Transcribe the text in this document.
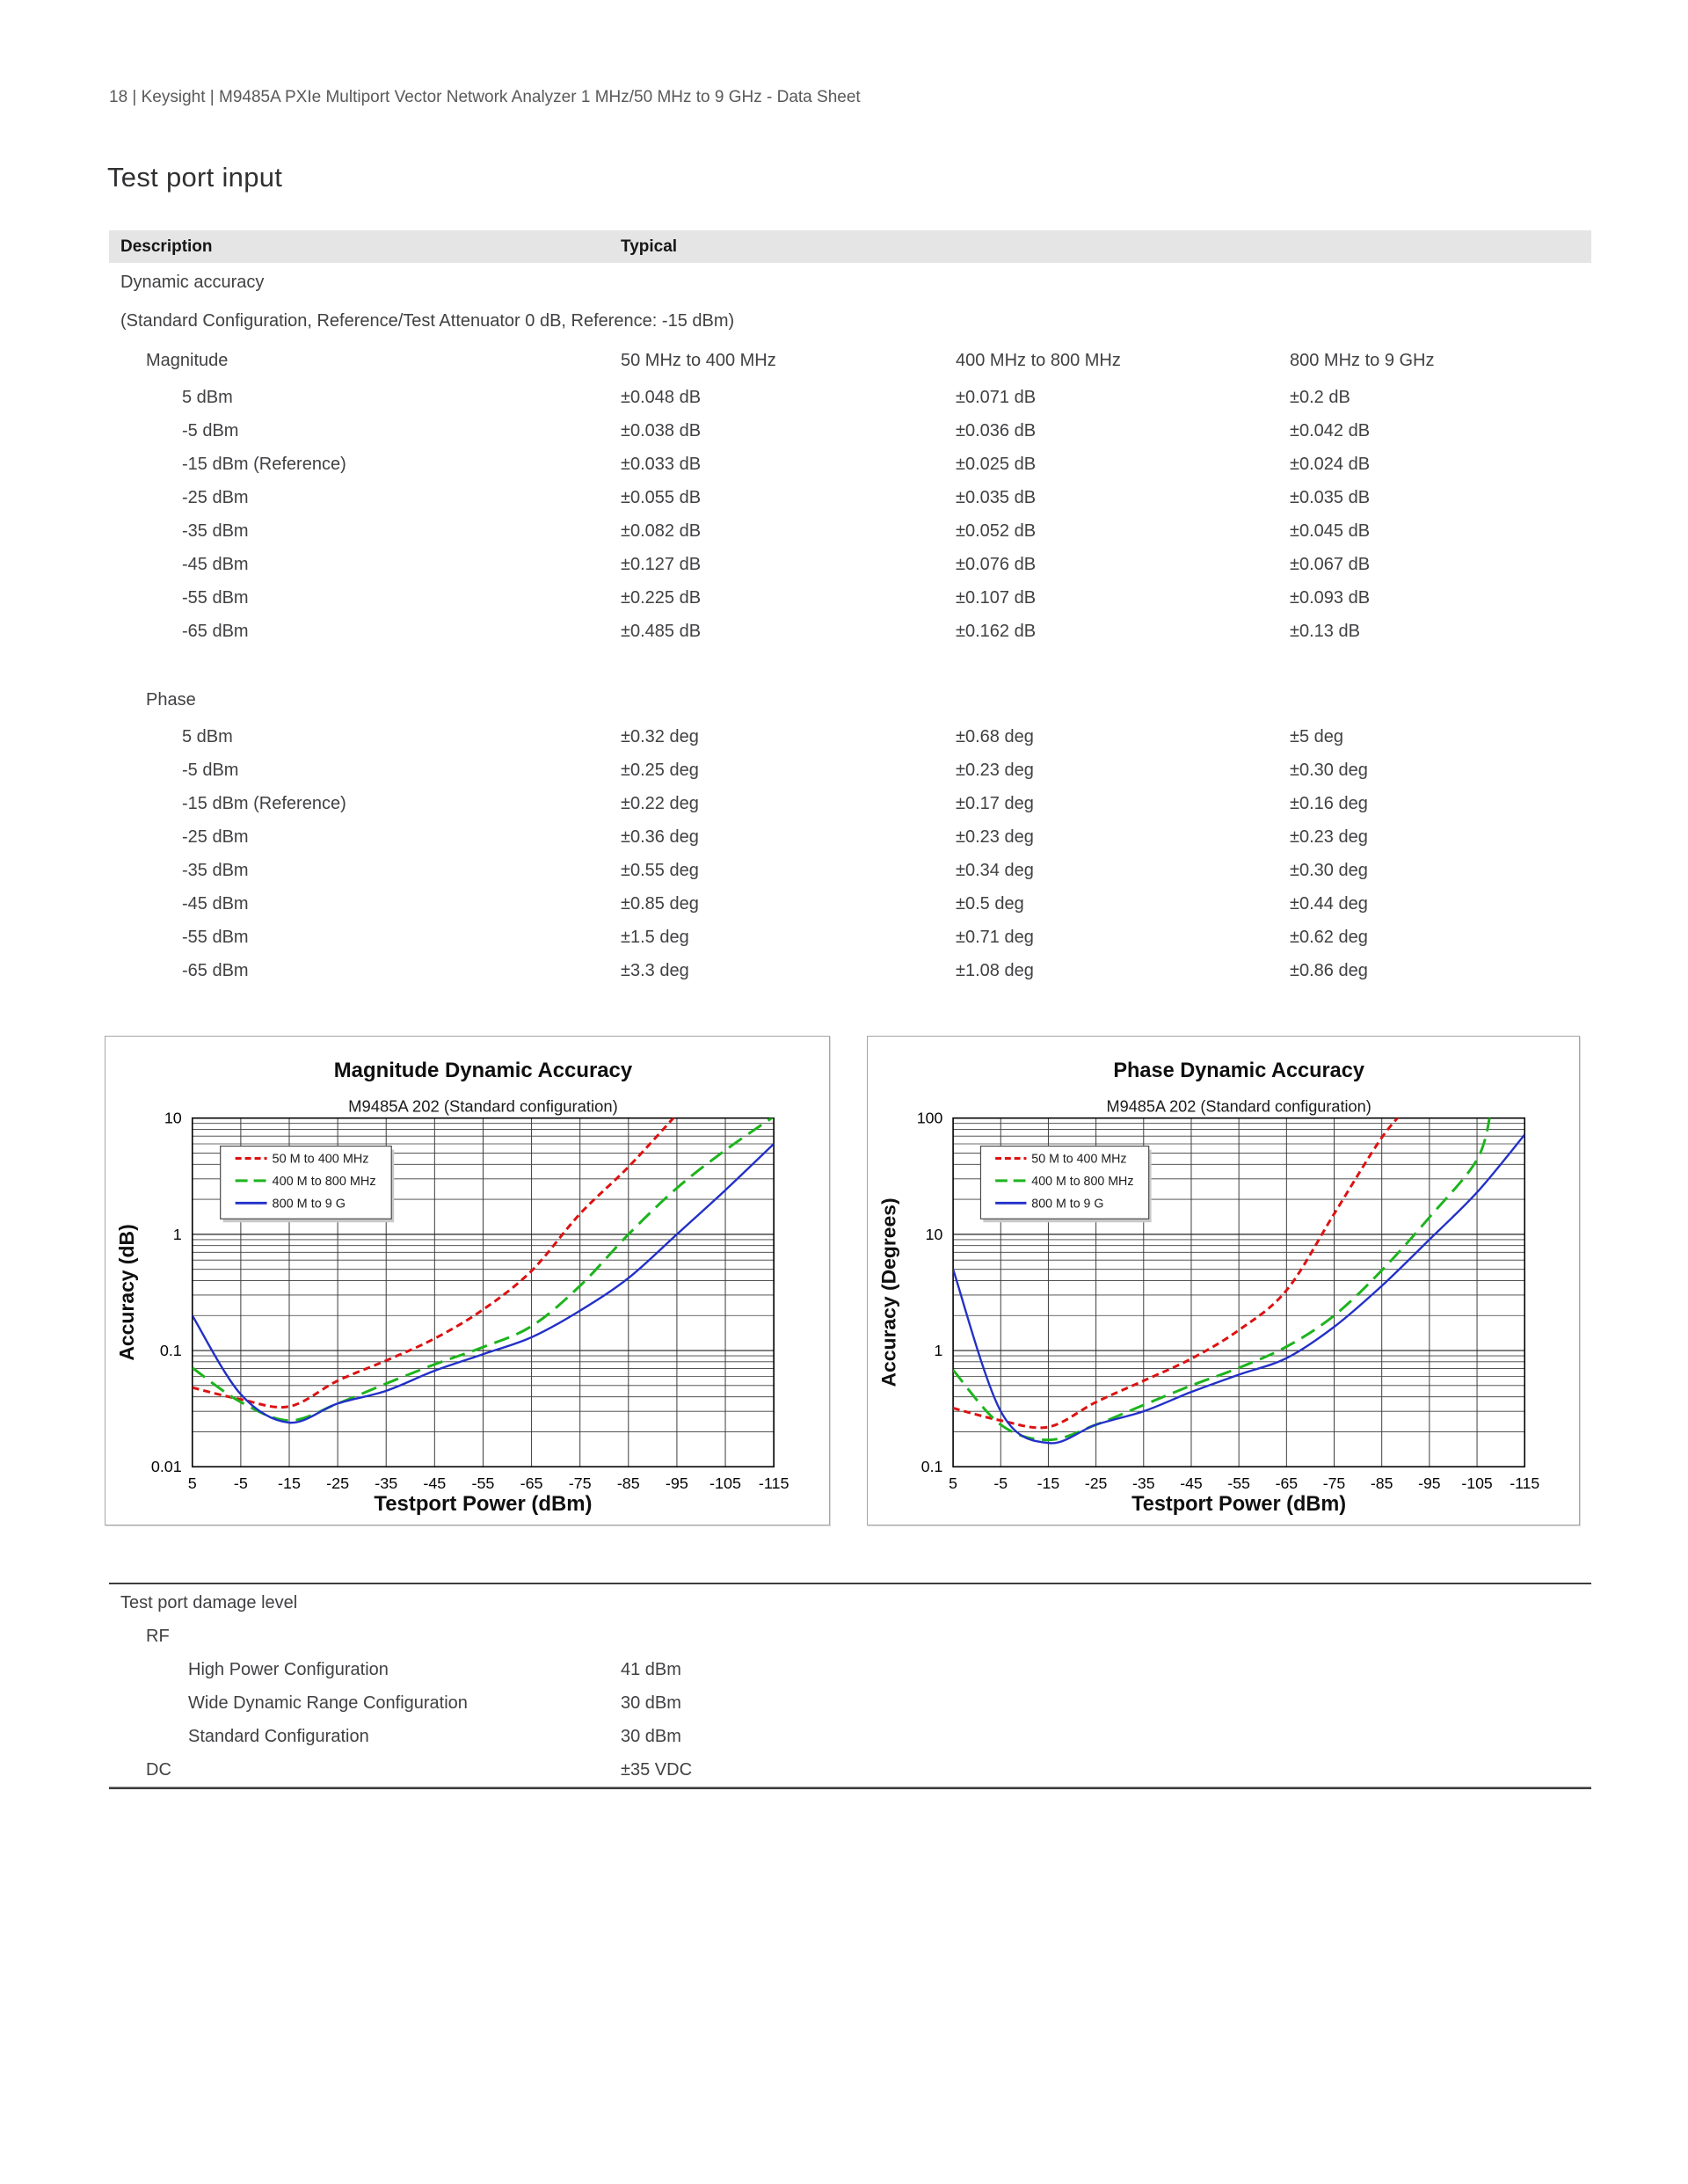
18 | Keysight | M9485A PXIe Multiport Vector Network Analyzer 1 MHz/50 MHz to 9 GHz - Data Sheet
Test port input
Description	Typical
Dynamic accuracy
(Standard Configuration, Reference/Test Attenuator 0 dB, Reference: -15 dBm)
Magnitude	50 MHz to 400 MHz	400 MHz to 800 MHz	800 MHz to 9 GHz
5 dBm	±0.048 dB	±0.071 dB	±0.2 dB
-5 dBm	±0.038 dB	±0.036 dB	±0.042 dB
-15 dBm (Reference)	±0.033 dB	±0.025 dB	±0.024 dB
-25 dBm	±0.055 dB	±0.035 dB	±0.035 dB
-35 dBm	±0.082 dB	±0.052 dB	±0.045 dB
-45 dBm	±0.127 dB	±0.076 dB	±0.067 dB
-55 dBm	±0.225 dB	±0.107 dB	±0.093 dB
-65 dBm	±0.485 dB	±0.162 dB	±0.13 dB
Phase
5 dBm	±0.32 deg	±0.68 deg	±5 deg
-5 dBm	±0.25 deg	±0.23 deg	±0.30 deg
-15 dBm (Reference)	±0.22 deg	±0.17 deg	±0.16 deg
-25 dBm	±0.36 deg	±0.23 deg	±0.23 deg
-35 dBm	±0.55 deg	±0.34 deg	±0.30 deg
-45 dBm	±0.85 deg	±0.5 deg	±0.44 deg
-55 dBm	±1.5 deg	±0.71 deg	±0.62 deg
-65 dBm	±3.3 deg	±1.08 deg	±0.86 deg
Magnitude Dynamic Accuracy
M9485A 202 (Standard configuration)
50 M to 400 MHz
400 M to 800 MHz
800 M to 9 G
5 -5 -15 -25 -35 -45 -55 -65 -75 -85 -95 -105 -115
10
1
0.1
0.01
Testport Power (dBm)
Accuracy (dB)
Phase Dynamic Accuracy
M9485A 202 (Standard configuration)
50 M to 400 MHz
400 M to 800 MHz
800 M to 9 G
5 -5 -15 -25 -35 -45 -55 -65 -75 -85 -95 -105 -115
100
10
1
0.1
Testport Power (dBm)
Accuracy (Degrees)
Test port damage level
RF
High Power Configuration	41 dBm
Wide Dynamic Range Configuration	30 dBm
Standard Configuration	30 dBm
DC	±35 VDC
